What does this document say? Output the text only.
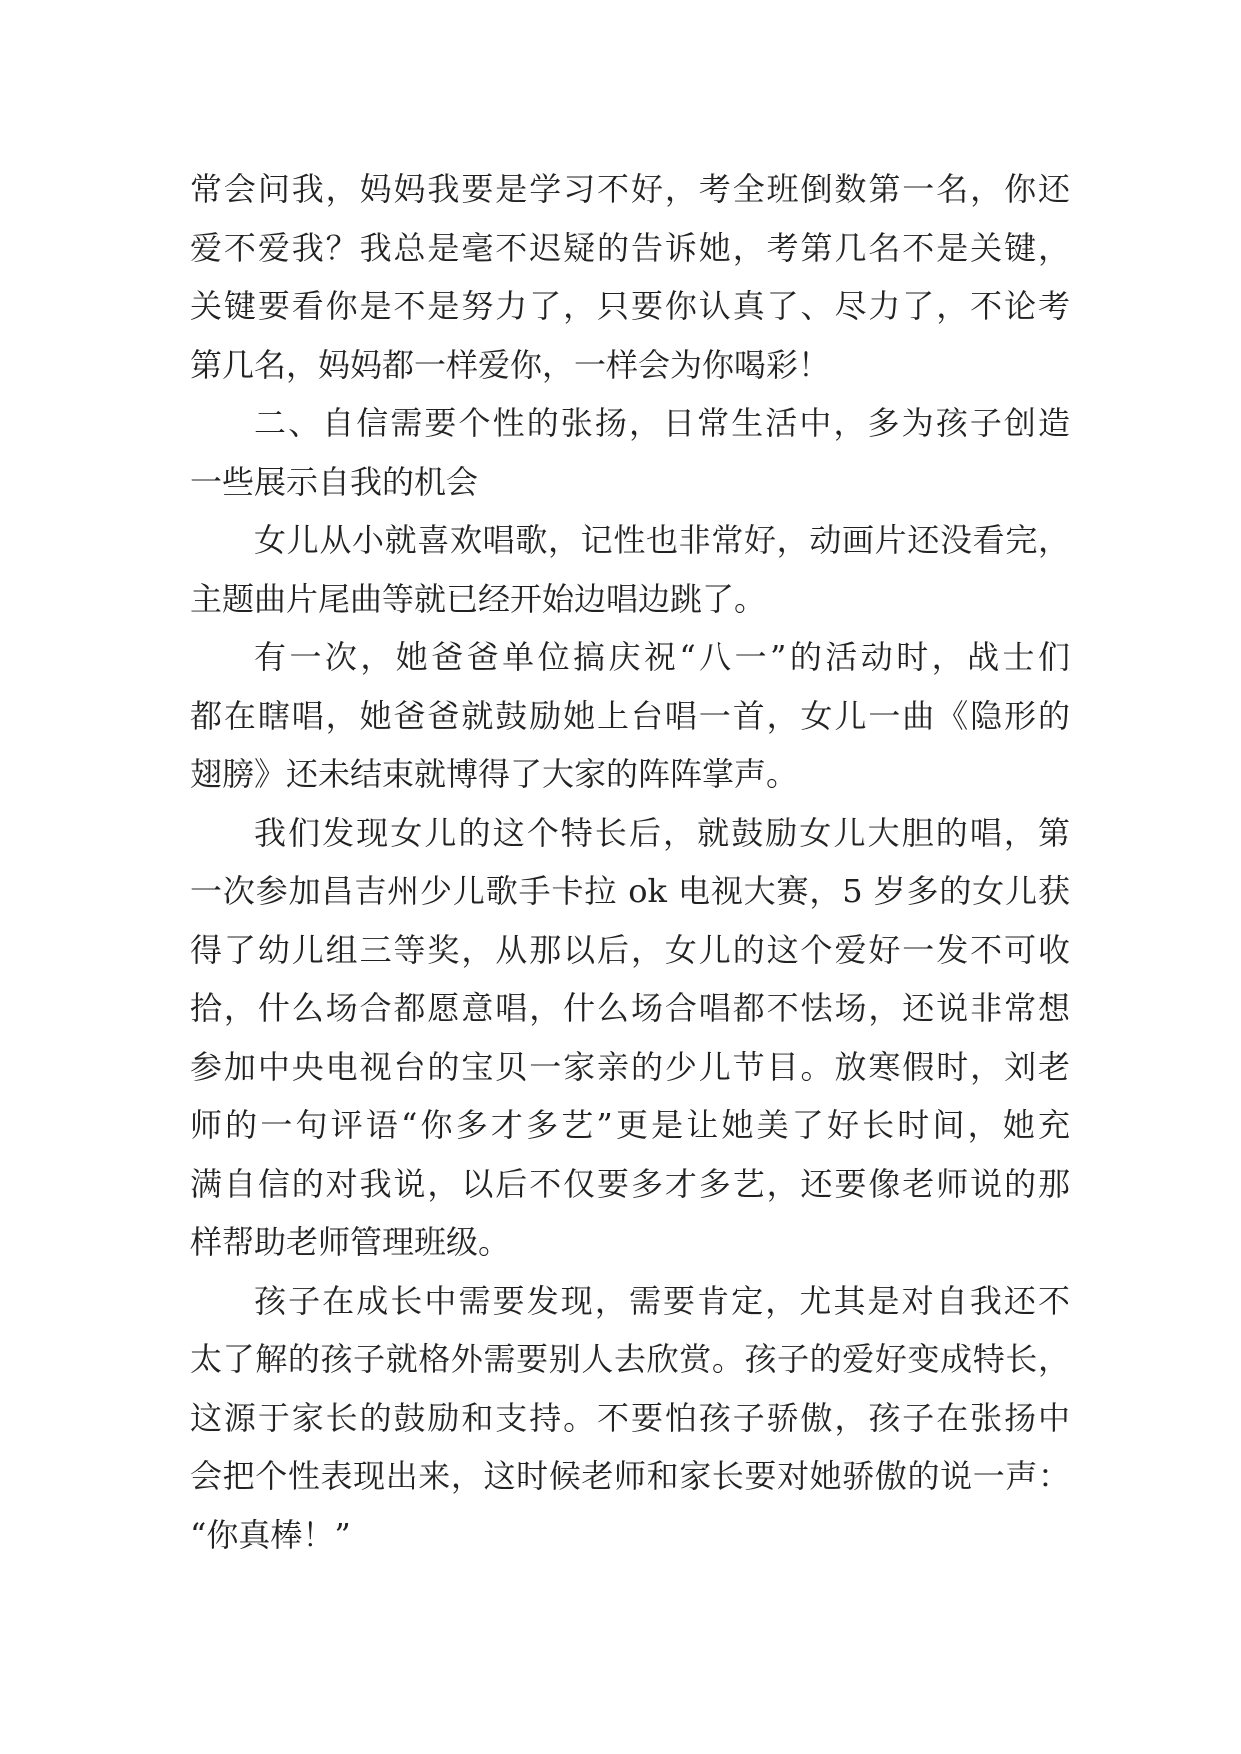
常会问我，妈妈我要是学习不好，考全班倒数第一名，你还
爱不爱我？我总是毫不迟疑的告诉她，考第几名不是关键，
关键要看你是不是努力了，只要你认真了、尽力了，不论考
第几名，妈妈都一样爱你，一样会为你喝彩！
二、自信需要个性的张扬，日常生活中，多为孩子创造
一些展示自我的机会
女儿从小就喜欢唱歌，记性也非常好，动画片还没看完，
主题曲片尾曲等就已经开始边唱边跳了。
有一次，她爸爸单位搞庆祝“八一”的活动时，战士们
都在瞎唱，她爸爸就鼓励她上台唱一首，女儿一曲《隐形的
翅膀》还未结束就博得了大家的阵阵掌声。
我们发现女儿的这个特长后，就鼓励女儿大胆的唱，第
一次参加昌吉州少儿歌手卡拉 ok 电视大赛，5 岁多的女儿获
得了幼儿组三等奖，从那以后，女儿的这个爱好一发不可收
拾，什么场合都愿意唱，什么场合唱都不怯场，还说非常想
参加中央电视台的宝贝一家亲的少儿节目。放寒假时，刘老
师的一句评语“你多才多艺”更是让她美了好长时间，她充
满自信的对我说，以后不仅要多才多艺，还要像老师说的那
样帮助老师管理班级。
孩子在成长中需要发现，需要肯定，尤其是对自我还不
太了解的孩子就格外需要别人去欣赏。孩子的爱好变成特长，
这源于家长的鼓励和支持。不要怕孩子骄傲，孩子在张扬中
会把个性表现出来，这时候老师和家长要对她骄傲的说一声：
“你真棒！”
